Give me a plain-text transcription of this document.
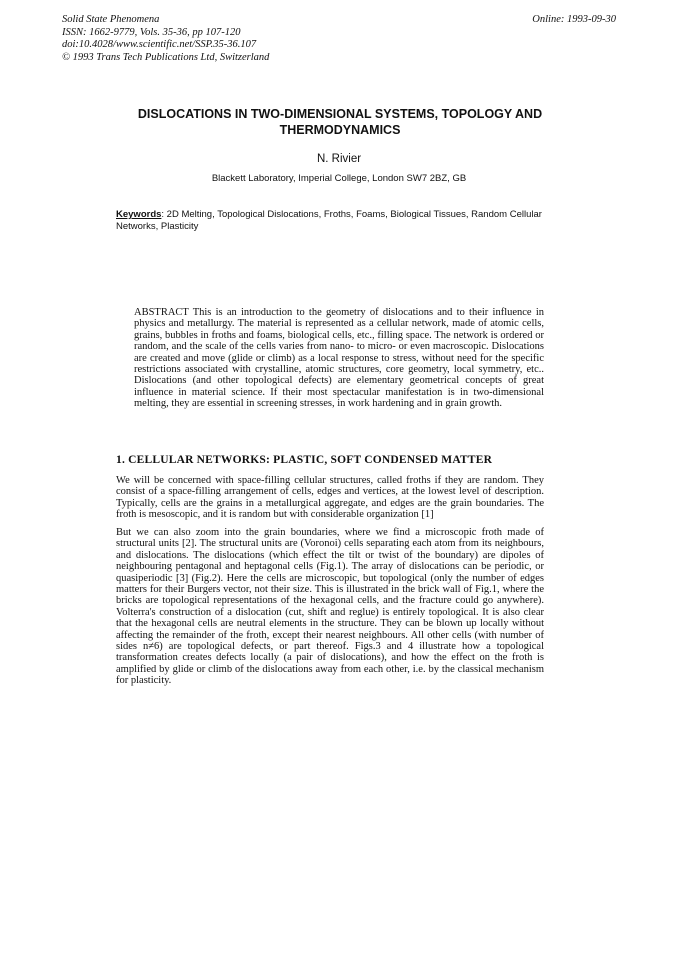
Solid State Phenomena
ISSN: 1662-9779, Vols. 35-36, pp 107-120
doi:10.4028/www.scientific.net/SSP.35-36.107
© 1993 Trans Tech Publications Ltd, Switzerland
Online: 1993-09-30
DISLOCATIONS IN TWO-DIMENSIONAL SYSTEMS, TOPOLOGY AND THERMODYNAMICS
N. Rivier
Blackett Laboratory, Imperial College, London SW7 2BZ, GB
Keywords: 2D Melting, Topological Dislocations, Froths, Foams, Biological Tissues, Random Cellular Networks, Plasticity
ABSTRACT This is an introduction to the geometry of dislocations and to their influence in physics and metallurgy. The material is represented as a cellular network, made of atomic cells, grains, bubbles in froths and foams, biological cells, etc., filling space. The network is ordered or random, and the scale of the cells varies from nano- to micro- or even macroscopic. Dislocations are created and move (glide or climb) as a local response to stress, without need for the specific restrictions associated with crystalline, atomic structures, core geometry, local symmetry, etc.. Dislocations (and other topological defects) are elementary geometrical concepts of great influence in material science. If their most spectacular manifestation is in two-dimensional melting, they are essential in screening stresses, in work hardening and in grain growth.
1. CELLULAR NETWORKS: PLASTIC, SOFT CONDENSED MATTER

We will be concerned with space-filling cellular structures, called froths if they are random. They consist of a space-filling arrangement of cells, edges and vertices, at the lowest level of description. Typically, cells are the grains in a metallurgical aggregate, and edges are the grain boundaries. The froth is mesoscopic, and it is random but with considerable organization [1]

But we can also zoom into the grain boundaries, where we find a microscopic froth made of structural units [2]. The structural units are (Voronoi) cells separating each atom from its neighbours, and dislocations. The dislocations (which effect the tilt or twist of the boundary) are dipoles of neighbouring pentagonal and heptagonal cells (Fig.1). The array of dislocations can be periodic, or quasiperiodic [3] (Fig.2). Here the cells are microscopic, but topological (only the number of edges matters for their Burgers vector, not their size. This is illustrated in the brick wall of Fig.1, where the bricks are topological representations of the hexagonal cells, and the fracture could go anywhere). Volterra's construction of a dislocation (cut, shift and reglue) is entirely topological. It is also clear that the hexagonal cells are neutral elements in the structure. They can be blown up locally without affecting the remainder of the froth, except their nearest neighbours. All other cells (with number of sides n≠6) are topological defects, or part thereof. Figs.3 and 4 illustrate how a topological transformation creates defects locally (a pair of dislocations), and how the effect on the froth is amplified by glide or climb of the dislocations away from each other, i.e. by the classical mechanism for plasticity.
